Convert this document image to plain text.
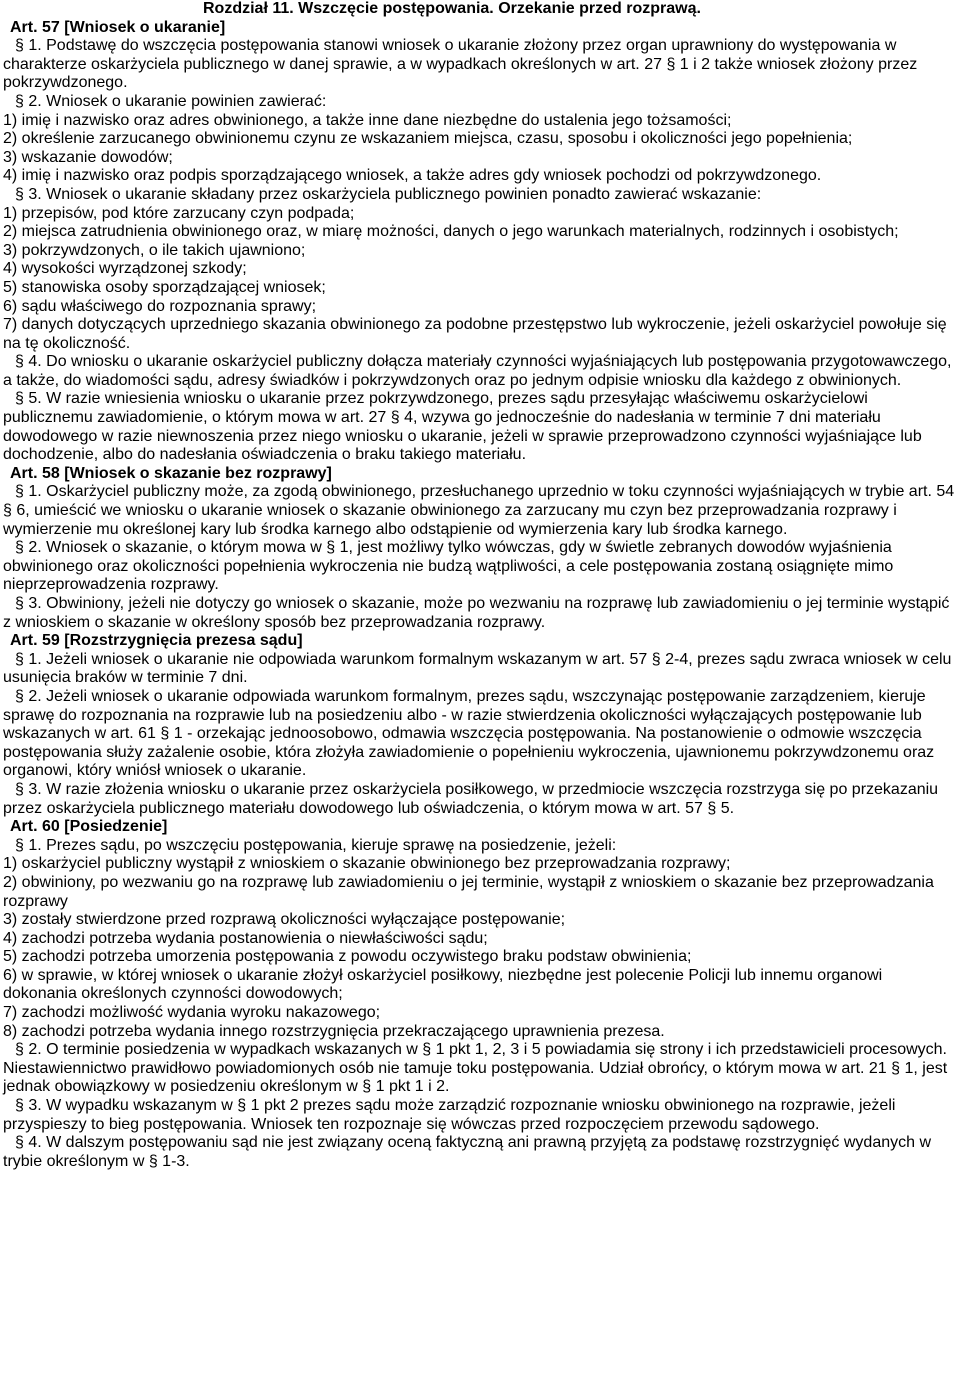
Rozdział 11. Wszczęcie postępowania. Orzekanie przed rozprawą.
Art. 57 [Wniosek o ukaranie]

§ 1. Podstawę do wszczęcia postępowania stanowi wniosek o ukaranie złożony przez organ uprawniony do występowania w charakterze oskarżyciela publicznego w danej sprawie, a w wypadkach określonych w art. 27 § 1 i 2 także wniosek złożony przez pokrzywdzonego.

§ 2. Wniosek o ukaranie powinien zawierać:

1) imię i nazwisko oraz adres obwinionego, a także inne dane niezbędne do ustalenia jego tożsamości;

2) określenie zarzucanego obwinionemu czynu ze wskazaniem miejsca, czasu, sposobu i okoliczności jego popełnienia;

3) wskazanie dowodów;

4) imię i nazwisko oraz podpis sporządzającego wniosek, a także adres gdy wniosek pochodzi od pokrzywdzonego.

§ 3. Wniosek o ukaranie składany przez oskarżyciela publicznego powinien ponadto zawierać wskazanie:

1) przepisów, pod które zarzucany czyn podpada;

2) miejsca zatrudnienia obwinionego oraz, w miarę możności, danych o jego warunkach materialnych, rodzinnych i osobistych;

3) pokrzywdzonych, o ile takich ujawniono;

4) wysokości wyrządzonej szkody;

5) stanowiska osoby sporządzającej wniosek;

6) sądu właściwego do rozpoznania sprawy;

7) danych dotyczących uprzedniego skazania obwinionego za podobne przestępstwo lub wykroczenie, jeżeli oskarżyciel powołuje się na tę okoliczność.

§ 4. Do wniosku o ukaranie oskarżyciel publiczny dołącza materiały czynności wyjaśniających lub postępowania przygotowawczego, a także, do wiadomości sądu, adresy świadków i pokrzywdzonych oraz po jednym odpisie wniosku dla każdego z obwinionych.

§ 5. W razie wniesienia wniosku o ukaranie przez pokrzywdzonego, prezes sądu przesyłając właściwemu oskarżycielowi publicznemu zawiadomienie, o którym mowa w art. 27 § 4, wzywa go jednocześnie do nadesłania w terminie 7 dni materiału dowodowego w razie niewnoszenia przez niego wniosku o ukaranie, jeżeli w sprawie przeprowadzono czynności wyjaśniające lub dochodzenie, albo do nadesłania oświadczenia o braku takiego materiału.

Art. 58 [Wniosek o skazanie bez rozprawy]

§ 1. Oskarżyciel publiczny może, za zgodą obwinionego, przesłuchanego uprzednio w toku czynności wyjaśniających w trybie art. 54 § 6, umieścić we wniosku o ukaranie wniosek o skazanie obwinionego za zarzucany mu czyn bez przeprowadzania rozprawy i wymierzenie mu określonej kary lub środka karnego albo odstąpienie od wymierzenia kary lub środka karnego.

§ 2. Wniosek o skazanie, o którym mowa w § 1, jest możliwy tylko wówczas, gdy w świetle zebranych dowodów wyjaśnienia obwinionego oraz okoliczności popełnienia wykroczenia nie budzą wątpliwości, a cele postępowania zostaną osiągnięte mimo nieprzeprowadzenia rozprawy.

§ 3. Obwiniony, jeżeli nie dotyczy go wniosek o skazanie, może po wezwaniu na rozprawę lub zawiadomieniu o jej terminie wystąpić z wnioskiem o skazanie w określony sposób bez przeprowadzania rozprawy.

Art. 59 [Rozstrzygnięcia prezesa sądu]

§ 1. Jeżeli wniosek o ukaranie nie odpowiada warunkom formalnym wskazanym w art. 57 § 2-4, prezes sądu zwraca wniosek w celu usunięcia braków w terminie 7 dni.

§ 2. Jeżeli wniosek o ukaranie odpowiada warunkom formalnym, prezes sądu, wszczynając postępowanie zarządzeniem, kieruje sprawę do rozpoznania na rozprawie lub na posiedzeniu albo - w razie stwierdzenia okoliczności wyłączających postępowanie lub wskazanych w art. 61 § 1 - orzekając jednoosobowo, odmawia wszczęcia postępowania. Na postanowienie o odmowie wszczęcia postępowania służy zażalenie osobie, która złożyła zawiadomienie o popełnieniu wykroczenia, ujawnionemu pokrzywdzonemu oraz organowi, który wniósł wniosek o ukaranie.

§ 3. W razie złożenia wniosku o ukaranie przez oskarżyciela posiłkowego, w przedmiocie wszczęcia rozstrzyga się po przekazaniu przez oskarżyciela publicznego materiału dowodowego lub oświadczenia, o którym mowa w art. 57 § 5.

Art. 60 [Posiedzenie]

§ 1. Prezes sądu, po wszczęciu postępowania, kieruje sprawę na posiedzenie, jeżeli:

1) oskarżyciel publiczny wystąpił z wnioskiem o skazanie obwinionego bez przeprowadzania rozprawy;

2) obwiniony, po wezwaniu go na rozprawę lub zawiadomieniu o jej terminie, wystąpił z wnioskiem o skazanie bez przeprowadzania rozprawy

3) zostały stwierdzone przed rozprawą okoliczności wyłączające postępowanie;

4) zachodzi potrzeba wydania postanowienia o niewłaściwości sądu;

5) zachodzi potrzeba umorzenia postępowania z powodu oczywistego braku podstaw obwinienia;

6) w sprawie, w której wniosek o ukaranie złożył oskarżyciel posiłkowy, niezbędne jest polecenie Policji lub innemu organowi dokonania określonych czynności dowodowych;

7) zachodzi możliwość wydania wyroku nakazowego;

8) zachodzi potrzeba wydania innego rozstrzygnięcia przekraczającego uprawnienia prezesa.

§ 2. O terminie posiedzenia w wypadkach wskazanych w § 1 pkt 1, 2, 3 i 5 powiadamia się strony i ich przedstawicieli procesowych. Niestawiennictwo prawidłowo powiadomionych osób nie tamuje toku postępowania. Udział obrońcy, o którym mowa w art. 21 § 1, jest jednak obowiązkowy w posiedzeniu określonym w § 1 pkt 1 i 2.

§ 3. W wypadku wskazanym w § 1 pkt 2 prezes sądu może zarządzić rozpoznanie wniosku obwinionego na rozprawie, jeżeli przyspieszy to bieg postępowania. Wniosek ten rozpoznaje się wówczas przed rozpoczęciem przewodu sądowego.

§ 4. W dalszym postępowaniu sąd nie jest związany oceną faktyczną ani prawną przyjętą za podstawę rozstrzygnięć wydanych w trybie określonym w § 1-3.
